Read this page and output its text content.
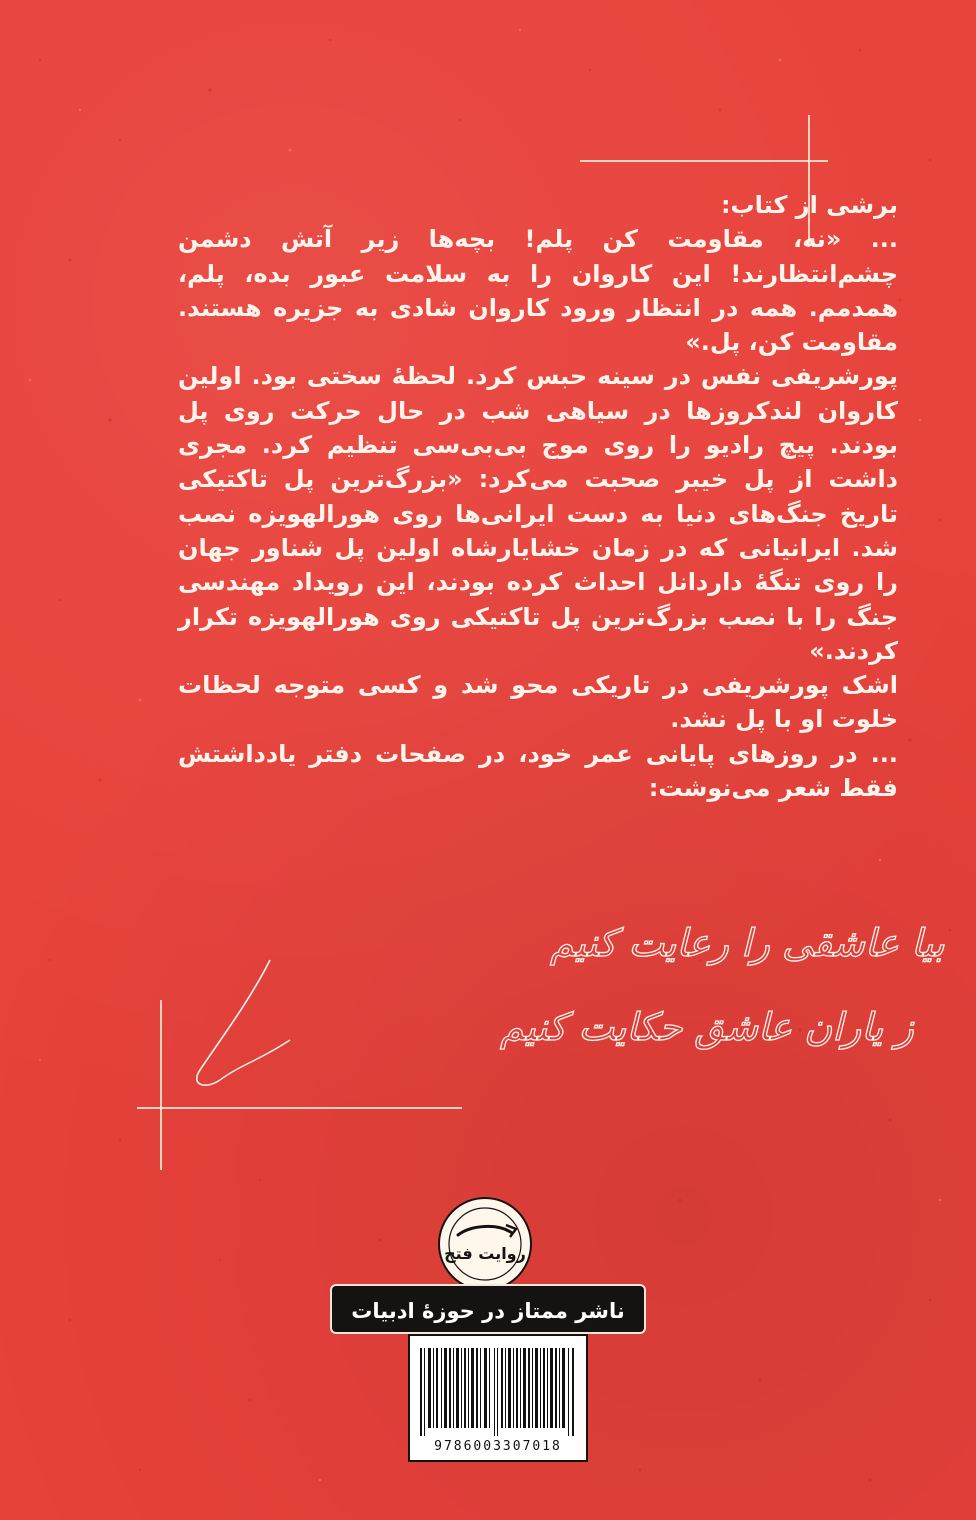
برشی از کتاب:

... «نه، مقاومت کن پلم! بچه‌ها زیر آتش دشمن چشم‌انتظارند! این کاروان را به سلامت عبور بده، پلم، همدمم. همه در انتظار ورود کاروان شادی به جزیره هستند. مقاومت کن، پل.»

پورشریفی نفس در سینه حبس کرد. لحظهٔ سختی بود. اولین کاروان لندکروزها در سیاهی شب در حال حرکت روی پل بودند. پیچ رادیو را روی موج بی‌بی‌سی تنظیم کرد. مجری داشت از پل خیبر صحبت می‌کرد: «بزرگ‌ترین پل تاکتیکی تاریخ جنگ‌های دنیا به دست ایرانی‌ها روی هورالهویزه نصب شد. ایرانیانی که در زمان خشایارشاه اولین پل شناور جهان را روی تنگهٔ داردانل احداث کرده بودند، این رویداد مهندسی جنگ را با نصب بزرگ‌ترین پل تاکتیکی روی هورالهویزه تکرار کردند.»

اشک پورشریفی در تاریکی محو شد و کسی متوجه لحظات خلوت او با پل نشد.

... در روزهای پایانی عمر خود، در صفحات دفتر یادداشتش فقط شعر می‌نوشت:

بیا عاشقی را رعایت کنیم
ز یاران عاشق حکایت کنیم
روایت فتح
ناشر ممتاز در حوزهٔ ادبیات
9786003307018
